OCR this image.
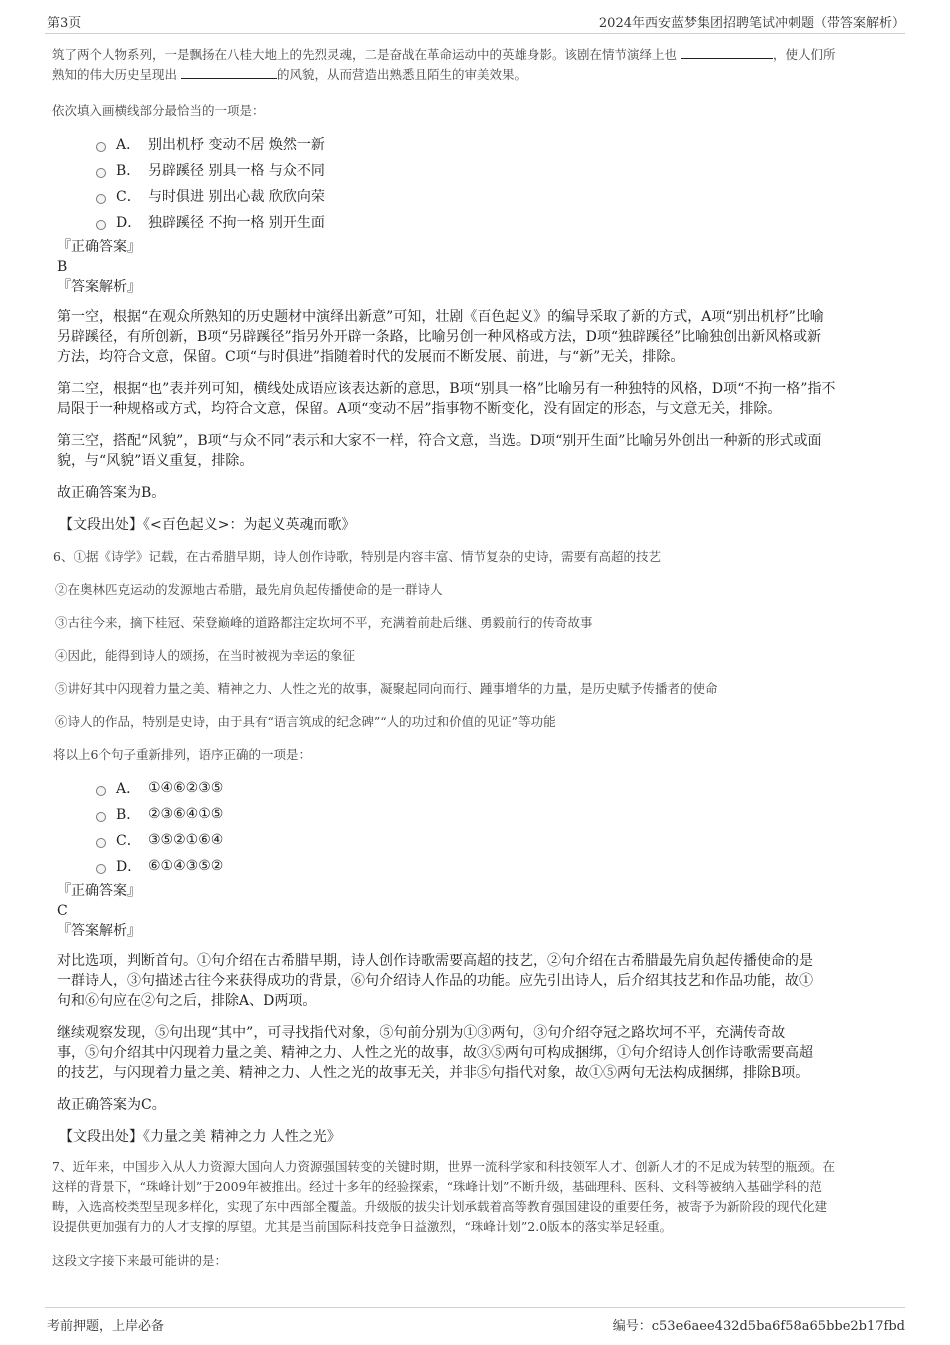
第3页	2024年西安蓝梦集团招聘笔试冲刺题（带答案解析）
筑了两个人物系列，一是飘扬在八桂大地上的先烈灵魂，二是奋战在革命运动中的英雄身影。该剧在情节演绎上也	，使人们所
熟知的伟大历史呈现出	的风貌，从而营造出熟悉且陌生的审美效果。
依次填入画横线部分最恰当的一项是：
A． 别出机杼 变动不居 焕然一新
B． 另辟蹊径 别具一格 与众不同
C． 与时俱进 别出心裁 欣欣向荣
D． 独辟蹊径 不拘一格 别开生面
『正确答案』
B
『答案解析』
第一空，根据“在观众所熟知的历史题材中演绎出新意”可知，壮剧《百色起义》的编导采取了新的方式，A项“别出机杼”比喻
另辟蹊径，有所创新，B项“另辟蹊径”指另外开辟一条路，比喻另创一种风格或方法，D项“独辟蹊径”比喻独创出新风格或新
方法，均符合文意，保留。C项“与时俱进”指随着时代的发展而不断发展、前进，与“新”无关，排除。
第二空，根据“也”表并列可知，横线处成语应该表达新的意思，B项“别具一格”比喻另有一种独特的风格，D项“不拘一格”指不
局限于一种规格或方式，均符合文意，保留。A项“变动不居”指事物不断变化，没有固定的形态，与文意无关，排除。
第三空，搭配“风貌”，B项“与众不同”表示和大家不一样，符合文意，当选。D项“别开生面”比喻另外创出一种新的形式或面
貌，与“风貌”语义重复，排除。
故正确答案为B。
【文段出处】《<百色起义>：为起义英魂而歌》
6、①据《诗学》记载，在古希腊早期，诗人创作诗歌，特别是内容丰富、情节复杂的史诗，需要有高超的技艺
②在奥林匹克运动的发源地古希腊，最先肩负起传播使命的是一群诗人
③古往今来，摘下桂冠、荣登巅峰的道路都注定坎坷不平，充满着前赴后继、勇毅前行的传奇故事
④因此，能得到诗人的颂扬，在当时被视为幸运的象征
⑤讲好其中闪现着力量之美、精神之力、人性之光的故事，凝聚起同向而行、踵事增华的力量，是历史赋予传播者的使命
⑥诗人的作品，特别是史诗，由于具有“语言筑成的纪念碑”“人的功过和价值的见证”等功能
将以上6个句子重新排列，语序正确的一项是：
A． ①④⑥②③⑤
B． ②③⑥④①⑤
C． ③⑤②①⑥④
D． ⑥①④③⑤②
『正确答案』
C
『答案解析』
对比选项，判断首句。①句介绍在古希腊早期，诗人创作诗歌需要高超的技艺，②句介绍在古希腊最先肩负起传播使命的是
一群诗人，③句描述古往今来获得成功的背景，⑥句介绍诗人作品的功能。应先引出诗人，后介绍其技艺和作品功能，故①
句和⑥句应在②句之后，排除A、D两项。
继续观察发现，⑤句出现“其中”，可寻找指代对象，⑤句前分别为①③两句，③句介绍夺冠之路坎坷不平，充满传奇故
事，⑤句介绍其中闪现着力量之美、精神之力、人性之光的故事，故③⑤两句可构成捆绑，①句介绍诗人创作诗歌需要高超
的技艺，与闪现着力量之美、精神之力、人性之光的故事无关，并非⑤句指代对象，故①⑤两句无法构成捆绑，排除B项。
故正确答案为C。
【文段出处】《力量之美 精神之力 人性之光》
7、近年来，中国步入从人力资源大国向人力资源强国转变的关键时期，世界一流科学家和科技领军人才、创新人才的不足成为转型的瓶颈。在
这样的背景下，“珠峰计划”于2009年被推出。经过十多年的经验探索，“珠峰计划”不断升级，基础理科、医科、文科等被纳入基础学科的范
畴，入选高校类型呈现多样化，实现了东中西部全覆盖。升级版的拔尖计划承载着高等教育强国建设的重要任务，被寄予为新阶段的现代化建
设提供更加强有力的人才支撑的厚望。尤其是当前国际科技竞争日益激烈，“珠峰计划”2.0版本的落实举足轻重。
这段文字接下来最可能讲的是：
考前押题，上岸必备	编号：c53e6aee432d5ba6f58a65bbe2b17fbd
